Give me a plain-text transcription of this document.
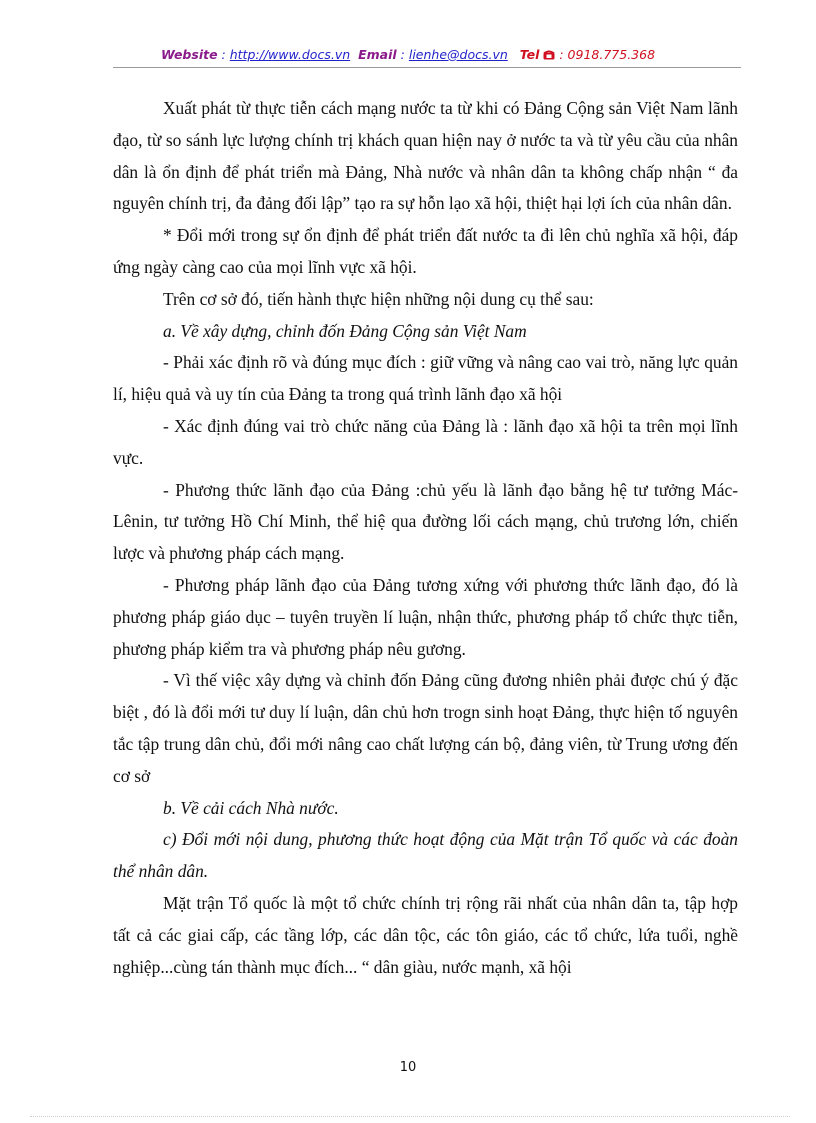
Website : http://www.docs.vn Email : lienhe@docs.vn Tel  : 0918.775.368

Xuất phát từ thực tiễn cách mạng nước ta từ khi có Đảng Cộng sản Việt Nam lãnh đạo, từ so sánh lực lượng chính trị khách quan hiện nay ở nước ta và từ yêu cầu của nhân dân là ổn định để phát triển mà Đảng, Nhà nước và nhân dân ta không chấp nhận “ đa nguyên chính trị, đa đảng đối lập” tạo ra sự hỗn lạo xã hội, thiệt hại lợi ích của nhân dân.

* Đổi mới trong sự ổn định để phát triển đất nước ta đi lên chủ nghĩa xã hội, đáp ứng ngày càng cao của mọi lĩnh vực xã hội.

Trên cơ sở đó, tiến hành thực hiện những nội dung cụ thể sau:

a. Về xây dựng, chỉnh đốn Đảng Cộng sản Việt Nam

- Phải xác định rõ và đúng mục đích : giữ vững và nâng cao vai trò, năng lực quản lí, hiệu quả và uy tín của Đảng ta trong quá trình lãnh đạo xã hội

- Xác định đúng vai trò chức năng của Đảng là : lãnh đạo xã hội ta trên mọi lĩnh vực.

- Phương thức lãnh đạo của Đảng :chủ yếu là lãnh đạo bằng hệ tư tưởng Mác-Lênin, tư tưởng Hồ Chí Minh, thể hiệ qua đường lối cách mạng, chủ trương lớn, chiến lược và phương pháp cách mạng.

- Phương pháp lãnh đạo của Đảng tương xứng với phương thức lãnh đạo, đó là phương pháp giáo dục – tuyên truyền lí luận, nhận thức, phương pháp tổ chức thực tiễn, phương pháp kiểm tra và phương pháp nêu gương.

- Vì thế việc xây dựng và chỉnh đốn Đảng cũng đương nhiên phải được chú ý đặc biệt , đó là đổi mới tư duy lí luận, dân chủ hơn trogn sinh hoạt Đảng, thực hiện tố nguyên tắc tập trung dân chủ, đổi mới nâng cao chất lượng cán bộ, đảng viên, từ Trung ương đến cơ sở

b. Về cải cách Nhà nước.

c) Đổi mới nội dung, phương thức hoạt động của Mặt trận Tổ quốc và các đoàn thể nhân dân.

Mặt trận Tổ quốc là một tổ chức chính trị rộng rãi nhất của nhân dân ta, tập hợp tất cả các giai cấp, các tầng lớp, các dân tộc, các tôn giáo, các tổ chức, lứa tuổi, nghề nghiệp...cùng tán thành mục đích... “ dân giàu, nước mạnh, xã hội

10
